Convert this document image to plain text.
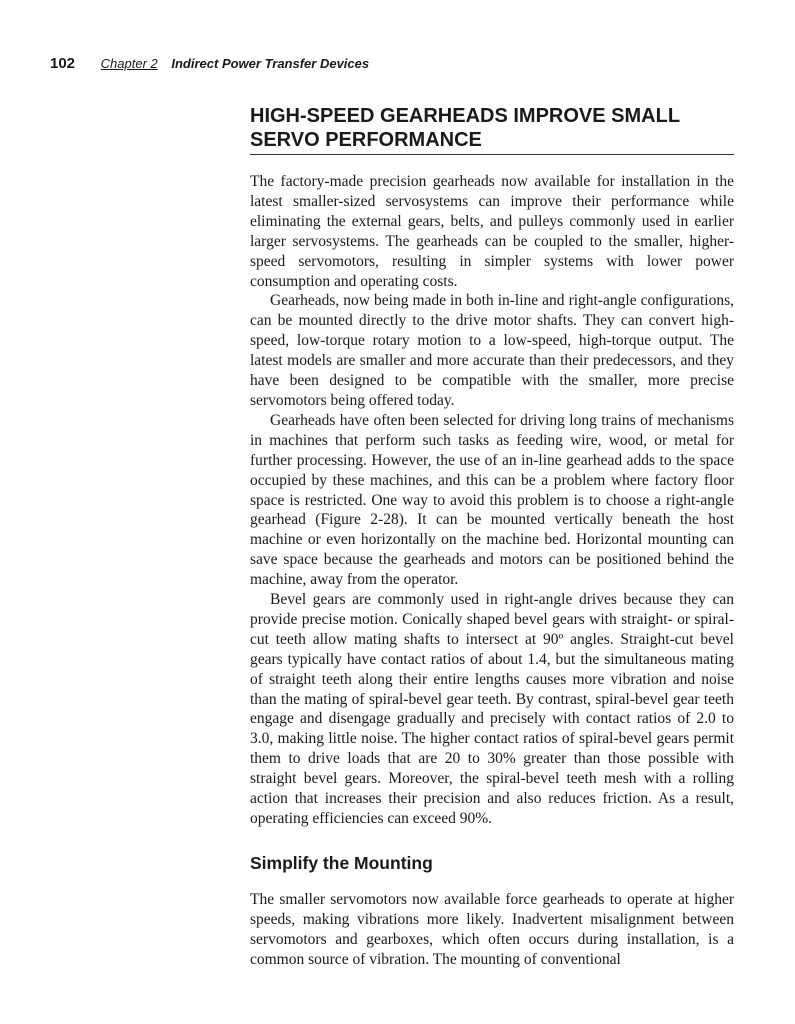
102 Chapter 2 Indirect Power Transfer Devices
HIGH-SPEED GEARHEADS IMPROVE SMALL SERVO PERFORMANCE

The factory-made precision gearheads now available for installation in the latest smaller-sized servosystems can improve their performance while eliminating the external gears, belts, and pulleys commonly used in earlier larger servosystems. The gearheads can be coupled to the smaller, higher-speed servomotors, resulting in simpler systems with lower power consumption and operating costs.

Gearheads, now being made in both in-line and right-angle configurations, can be mounted directly to the drive motor shafts. They can convert high-speed, low-torque rotary motion to a low-speed, high-torque output. The latest models are smaller and more accurate than their predecessors, and they have been designed to be compatible with the smaller, more precise servomotors being offered today.

Gearheads have often been selected for driving long trains of mechanisms in machines that perform such tasks as feeding wire, wood, or metal for further processing. However, the use of an in-line gearhead adds to the space occupied by these machines, and this can be a problem where factory floor space is restricted. One way to avoid this problem is to choose a right-angle gearhead (Figure 2-28). It can be mounted vertically beneath the host machine or even horizontally on the machine bed. Horizontal mounting can save space because the gearheads and motors can be positioned behind the machine, away from the operator.

Bevel gears are commonly used in right-angle drives because they can provide precise motion. Conically shaped bevel gears with straight- or spiral-cut teeth allow mating shafts to intersect at 90º angles. Straight-cut bevel gears typically have contact ratios of about 1.4, but the simultaneous mating of straight teeth along their entire lengths causes more vibration and noise than the mating of spiral-bevel gear teeth. By contrast, spiral-bevel gear teeth engage and disengage gradually and precisely with contact ratios of 2.0 to 3.0, making little noise. The higher contact ratios of spiral-bevel gears permit them to drive loads that are 20 to 30% greater than those possible with straight bevel gears. Moreover, the spiral-bevel teeth mesh with a rolling action that increases their precision and also reduces friction. As a result, operating efficiencies can exceed 90%.

Simplify the Mounting

The smaller servomotors now available force gearheads to operate at higher speeds, making vibrations more likely. Inadvertent misalignment between servomotors and gearboxes, which often occurs during installation, is a common source of vibration. The mounting of conventional
